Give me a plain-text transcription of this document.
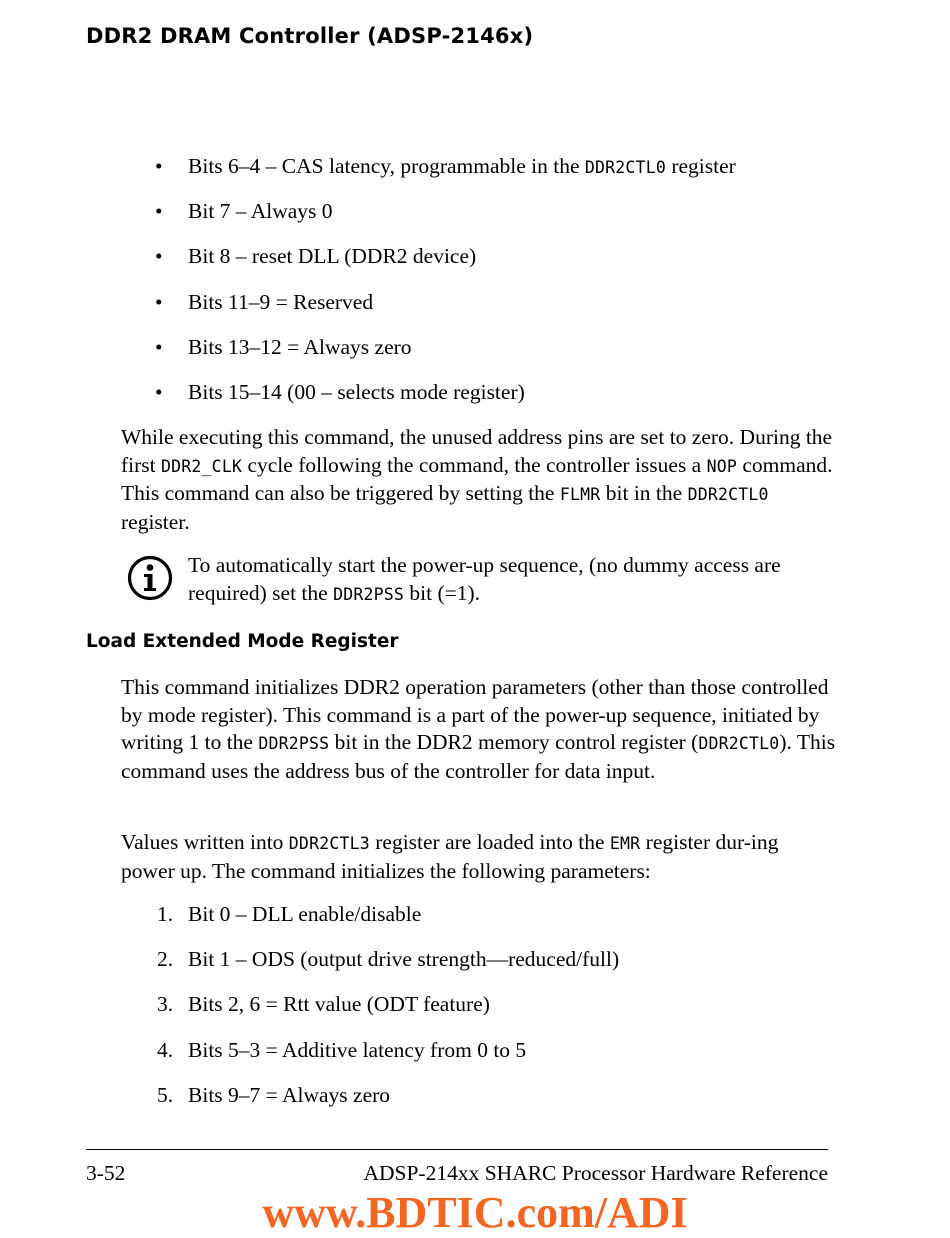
DDR2 DRAM Controller (ADSP-2146x)
• Bits 6–4 – CAS latency, programmable in the DDR2CTL0 register
• Bit 7 – Always 0
• Bit 8 – reset DLL (DDR2 device)
• Bits 11–9 = Reserved
• Bits 13–12 = Always zero
• Bits 15–14 (00 – selects mode register)
While executing this command, the unused address pins are set to zero. During the first DDR2_CLK cycle following the command, the controller issues a NOP command. This command can also be triggered by setting the FLMR bit in the DDR2CTL0 register.
To automatically start the power-up sequence, (no dummy access are required) set the DDR2PSS bit (=1).
Load Extended Mode Register
This command initializes DDR2 operation parameters (other than those controlled by mode register). This command is a part of the power-up sequence, initiated by writing 1 to the DDR2PSS bit in the DDR2 memory control register (DDR2CTL0). This command uses the address bus of the controller for data input.
Values written into DDR2CTL3 register are loaded into the EMR register dur-ing power up. The command initializes the following parameters:
1. Bit 0 – DLL enable/disable
2. Bit 1 – ODS (output drive strength—reduced/full)
3. Bits 2, 6 = Rtt value (ODT feature)
4. Bits 5–3 = Additive latency from 0 to 5
5. Bits 9–7 = Always zero
3-52	ADSP-214xx SHARC Processor Hardware Reference
www.BDTIC.com/ADI
